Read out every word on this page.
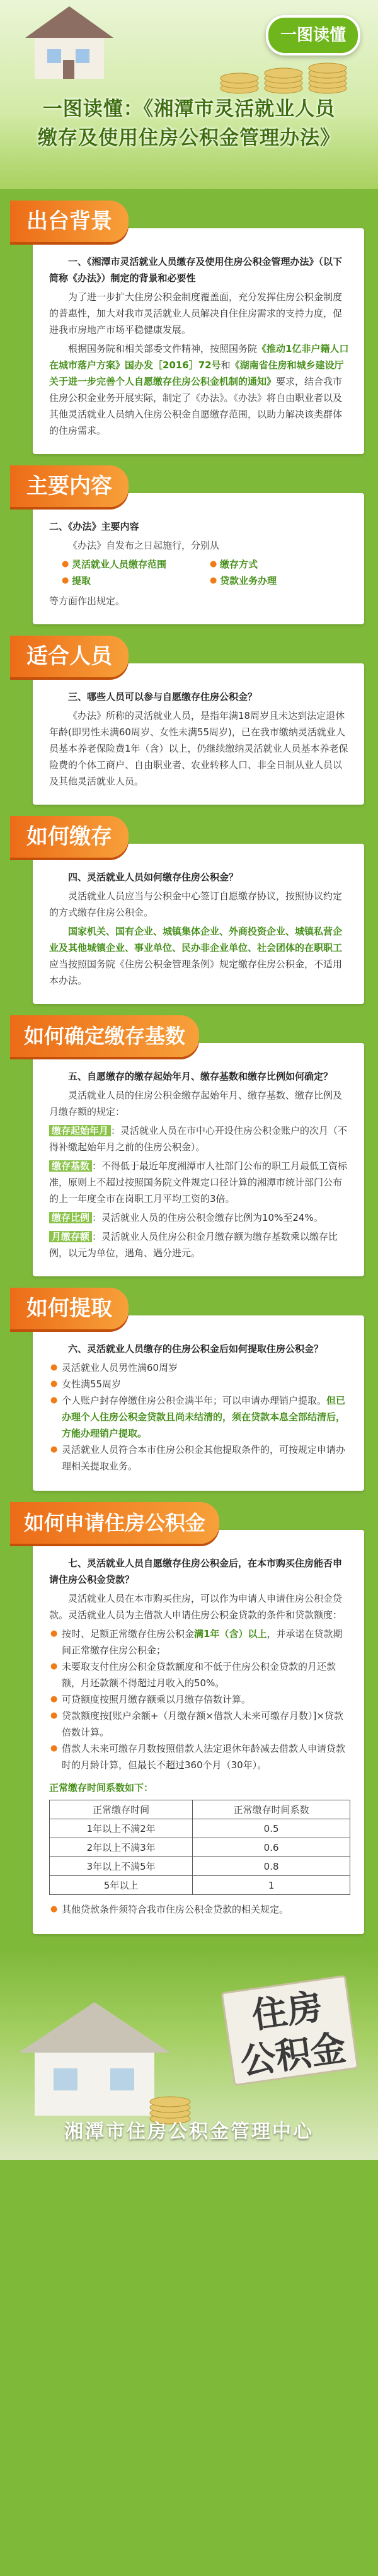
一图读懂
一图读懂：《湘潭市灵活就业人员
缴存及使用住房公积金管理办法》
出台背景

一、《湘潭市灵活就业人员缴存及使用住房公积金管理办法》（以下简称《办法》）制定的背景和必要性

为了进一步扩大住房公积金制度覆盖面，充分发挥住房公积金制度的普惠性，加大对我市灵活就业人员解决自住住房需求的支持力度，促进我市房地产市场平稳健康发展。

根据国务院和相关部委文件精神，按照国务院《推动1亿非户籍人口在城市落户方案》国办发［2016］72号和《湖南省住房和城乡建设厅关于进一步完善个人自愿缴存住房公积金机制的通知》要求，结合我市住房公积金业务开展实际，制定了《办法》。《办法》将自由职业者以及其他灵活就业人员纳入住房公积金自愿缴存范围，以助力解决该类群体的住房需求。

主要内容

二、《办法》主要内容

《办法》自发布之日起施行，分别从

● 灵活就业人员缴存范围	● 缴存方式
● 提取	● 贷款业务办理

等方面作出规定。

适合人员

三、哪些人员可以参与自愿缴存住房公积金？

《办法》所称的灵活就业人员，是指年满18周岁且未达到法定退休年龄(即男性未满60周岁、女性未满55周岁)，已在我市缴纳灵活就业人员基本养老保险费1年（含）以上，仍继续缴纳灵活就业人员基本养老保险费的个体工商户、自由职业者、农业转移人口、非全日制从业人员以及其他灵活就业人员。

如何缴存

四、灵活就业人员如何缴存住房公积金？

灵活就业人员应当与公积金中心签订自愿缴存协议，按照协议约定的方式缴存住房公积金。

国家机关、国有企业、城镇集体企业、外商投资企业、城镇私营企业及其他城镇企业、事业单位、民办非企业单位、社会团体的在职职工应当按照国务院《住房公积金管理条例》规定缴存住房公积金，不适用本办法。

如何确定缴存基数

五、自愿缴存的缴存起始年月、缴存基数和缴存比例如何确定？

灵活就业人员的住房公积金缴存起始年月、缴存基数、缴存比例及月缴存额的规定：

缴存起始年月 ：灵活就业人员在市中心开设住房公积金账户的次月（不得补缴起始年月之前的住房公积金）。

缴存基数 ：不得低于最近年度湘潭市人社部门公布的职工月最低工资标准，原则上不超过按照国务院文件规定口径计算的湘潭市统计部门公布的上一年度全市在岗职工月平均工资的3倍。

缴存比例 ：灵活就业人员的住房公积金缴存比例为10%至24%。

月缴存额 ：灵活就业人员住房公积金月缴存额为缴存基数乘以缴存比例，以元为单位，遇角、遇分进元。

如何提取

六、灵活就业人员缴存的住房公积金后如何提取住房公积金？

● 灵活就业人员男性满60周岁
● 女性满55周岁
● 个人账户封存停缴住房公积金满半年；可以申请办理销户提取。但已办理个人住房公积金贷款且尚未结清的，须在贷款本息全部结清后，方能办理销户提取。
● 灵活就业人员符合本市住房公积金其他提取条件的，可按规定申请办理相关提取业务。
如何申请住房公积金

七、灵活就业人员自愿缴存住房公积金后，在本市购买住房能否申请住房公积金贷款？

灵活就业人员在本市购买住房，可以作为申请人申请住房公积金贷款。灵活就业人员为主借款人申请住房公积金贷款的条件和贷款额度：

● 按时、足额正常缴存住房公积金满1年（含）以上，并承诺在贷款期间正常缴存住房公积金；
● 未要取支付住房公积金贷款额度和不低于住房公积金贷款的月还款额，月还款额不得超过月收入的50%。
● 可贷额度按照月缴存额乘以月缴存倍数计算。
● 贷款额度按[账户余额+（月缴存额×借款人未来可缴存月数）]×贷款倍数计算。
● 借款人未来可缴存月数按照借款人法定退休年龄减去借款人申请贷款时的月龄计算，但最长不超过360个月（30年）。
正常缴存时间系数如下：
正常缴存时间	正常缴存时间系数
1年以上不满2年	0.5
2年以上不满3年	0.6
3年以上不满5年	0.8
5年以上	1
● 其他贷款条件须符合我市住房公积金贷款的相关规定。
住房
公积金
湘潭市住房公积金管理中心
